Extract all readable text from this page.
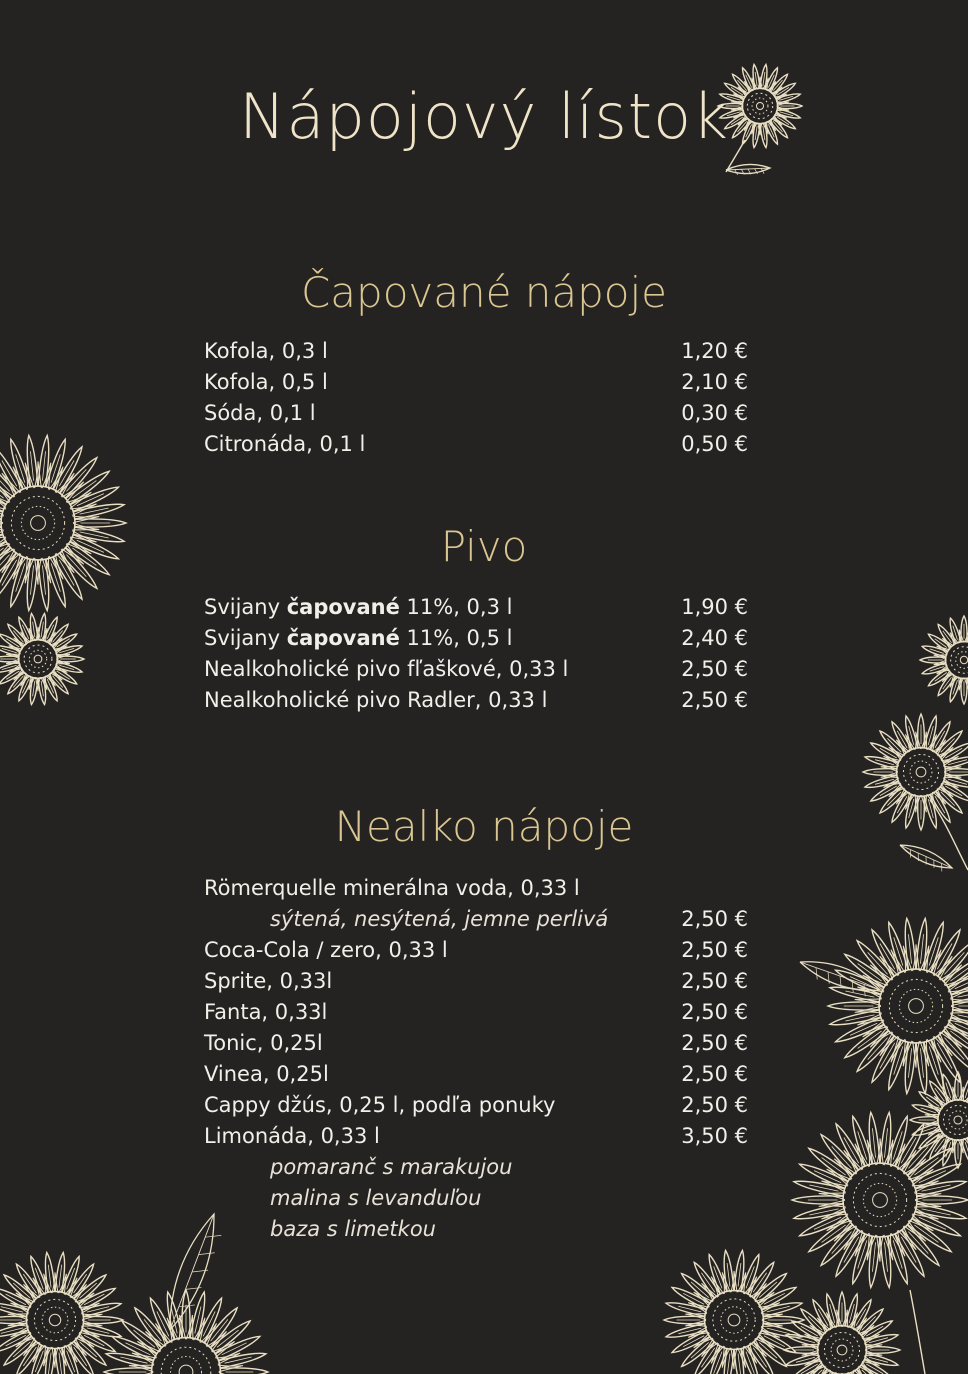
Nápojový lístok
Čapované nápoje
Kofola, 0,3 l	1,20 €
Kofola, 0,5 l	2,10 €
Sóda, 0,1 l	0,30 €
Citronáda, 0,1 l	0,50 €
Pivo
Svijany čapované 11%, 0,3 l	1,90 €
Svijany čapované 11%, 0,5 l	2,40 €
Nealkoholické pivo fľaškové, 0,33 l	2,50 €
Nealkoholické pivo Radler, 0,33 l	2,50 €
Nealko nápoje
Römerquelle minerálna voda, 0,33 l
sýtená, nesýtená, jemne perlivá	2,50 €
Coca-Cola / zero, 0,33 l	2,50 €
Sprite, 0,33l	2,50 €
Fanta, 0,33l	2,50 €
Tonic, 0,25l	2,50 €
Vinea, 0,25l	2,50 €
Cappy džús, 0,25 l, podľa ponuky	2,50 €
Limonáda, 0,33 l	3,50 €
pomaranč s marakujou
malina s levanduľou
baza s limetkou
